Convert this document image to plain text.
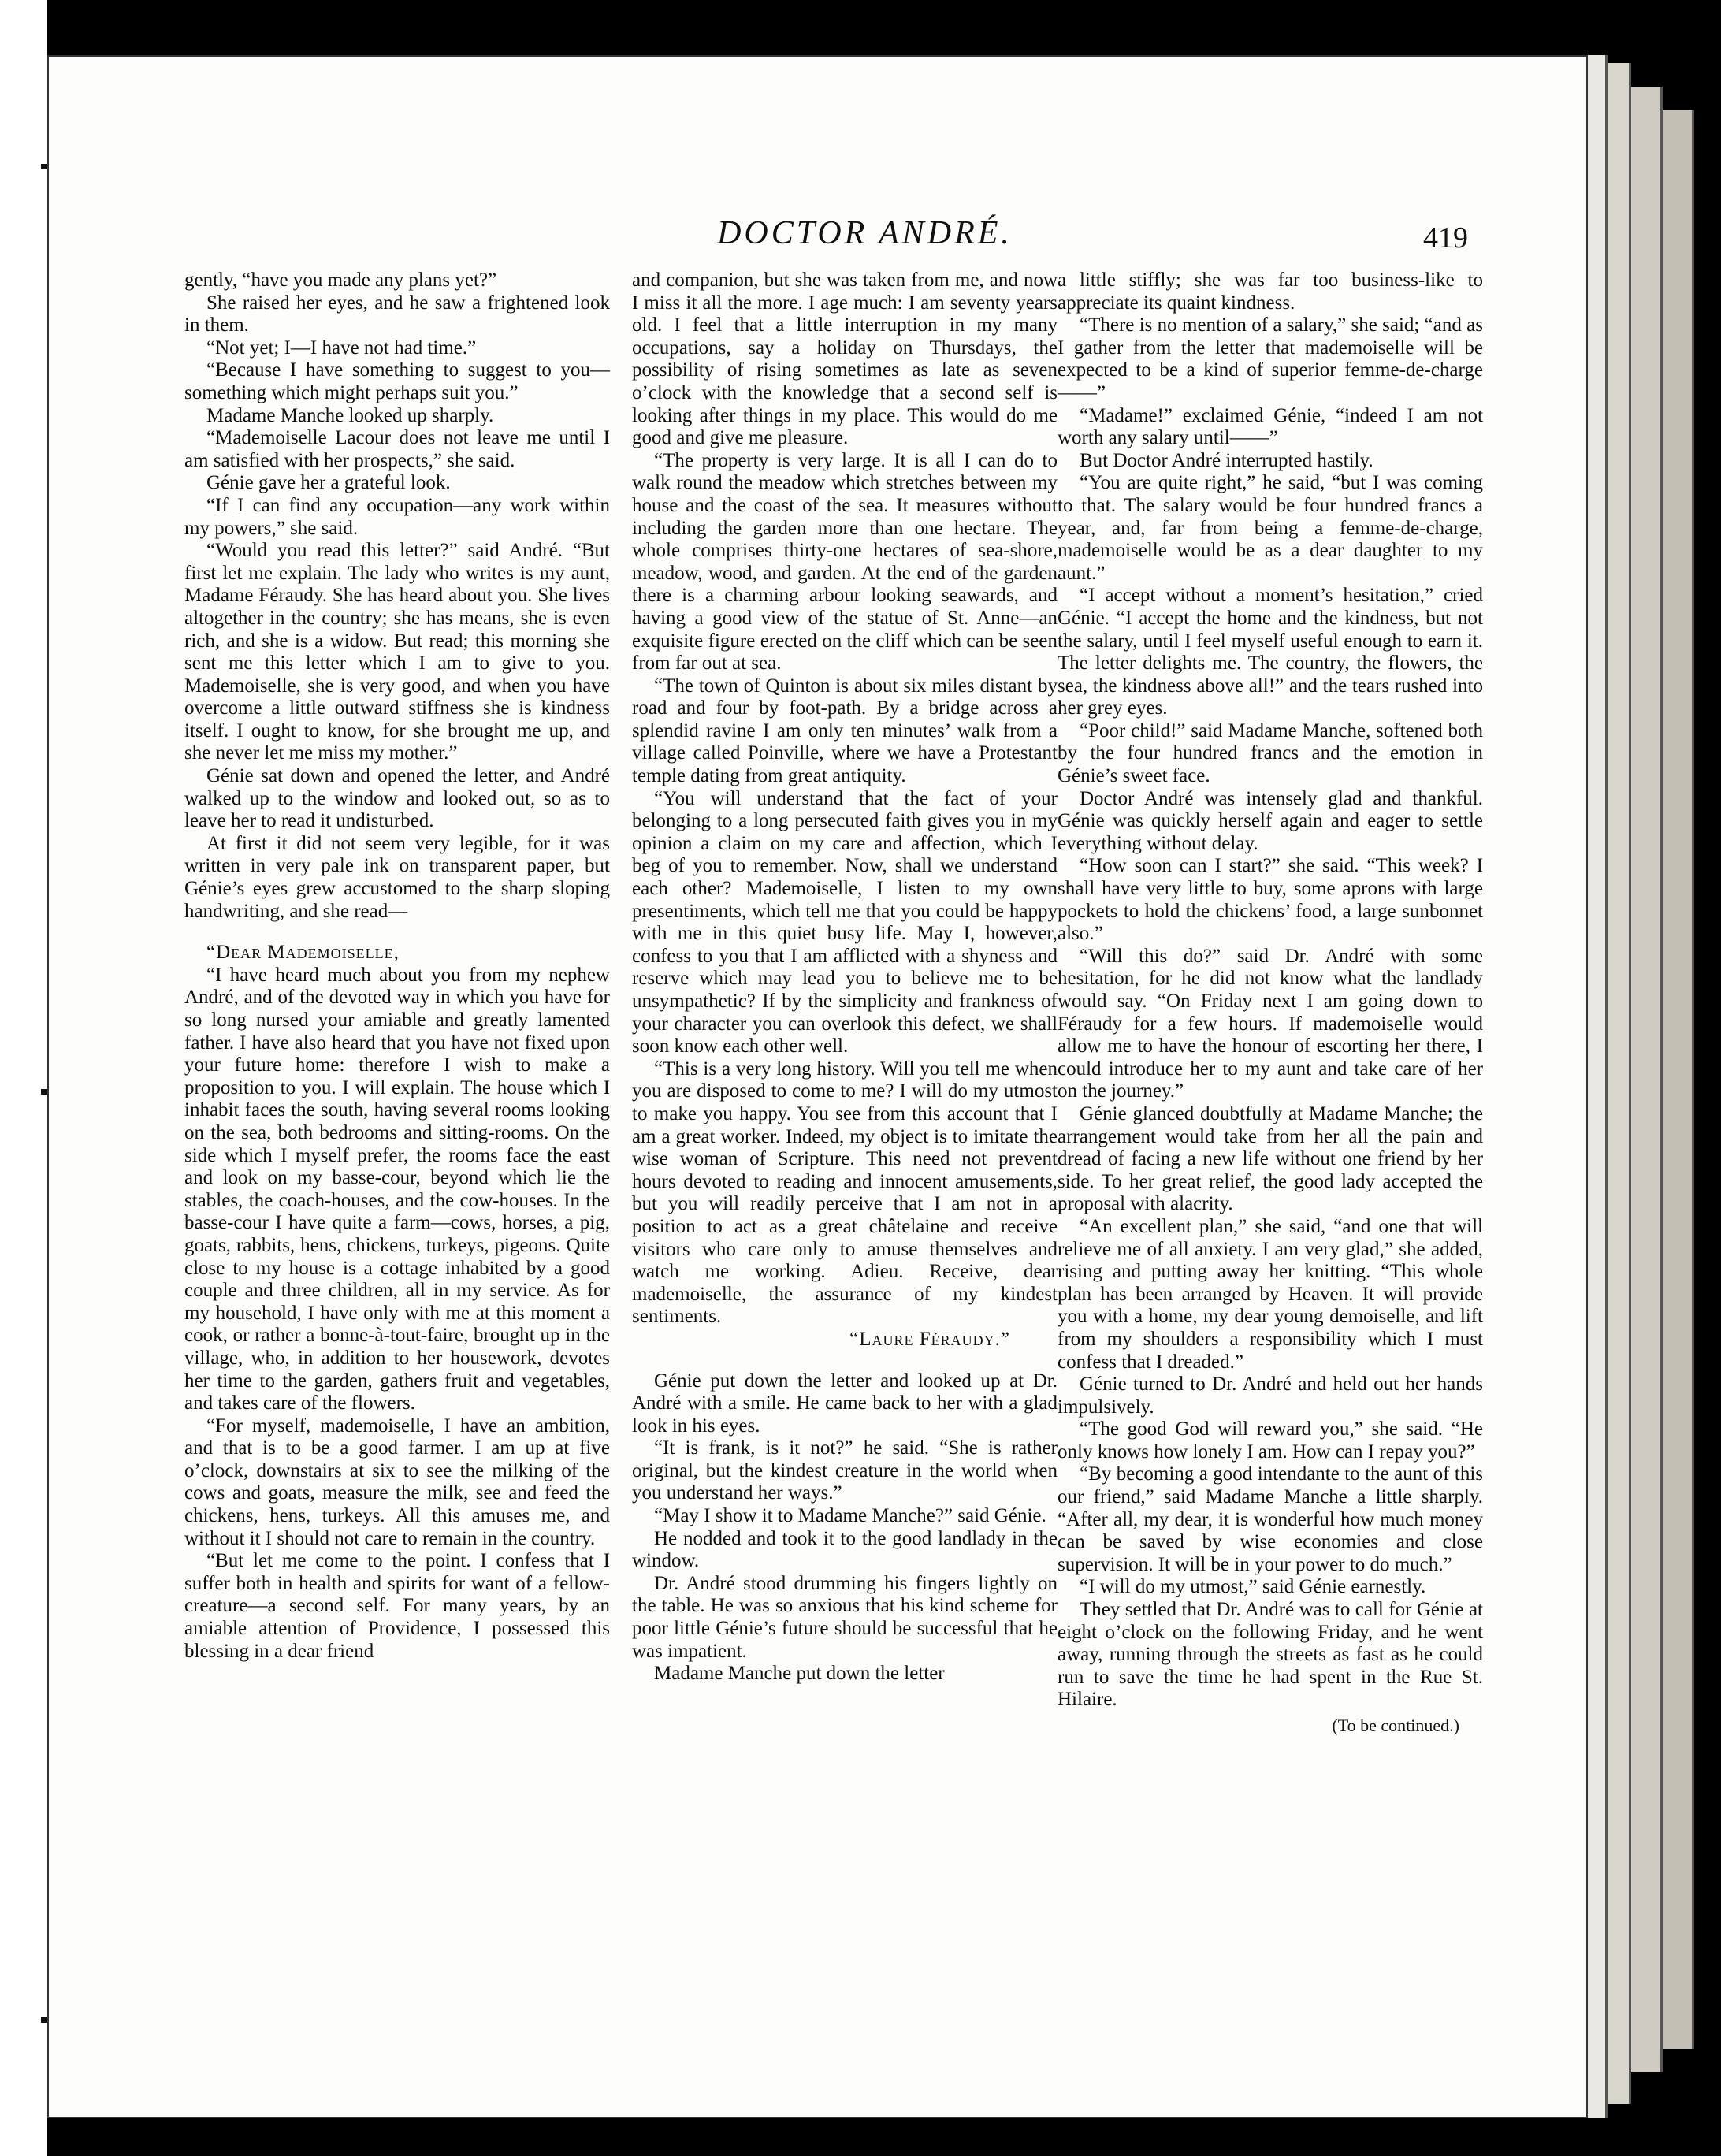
)
DOCTOR ANDRÉ.	419

gently, “have you made any plans yet?”

She raised her eyes, and he saw a frightened look in them.

“Not yet; I—I have not had time.”

“Because I have something to suggest to you—something which might perhaps suit you.”

Madame Manche looked up sharply.

“Mademoiselle Lacour does not leave me until I am satisfied with her prospects,” she said.

Génie gave her a grateful look.

“If I can find any occupation—any work within my powers,” she said.

“Would you read this letter?” said André. “But first let me explain. The lady who writes is my aunt, Madame Féraudy. She has heard about you. She lives altogether in the country; she has means, she is even rich, and she is a widow. But read; this morning she sent me this letter which I am to give to you. Mademoiselle, she is very good, and when you have overcome a little outward stiffness she is kindness itself. I ought to know, for she brought me up, and she never let me miss my mother.”

Génie sat down and opened the letter, and André walked up to the window and looked out, so as to leave her to read it undisturbed.

At first it did not seem very legible, for it was written in very pale ink on transparent paper, but Génie’s eyes grew accustomed to the sharp sloping handwriting, and she read—

“Dear Mademoiselle,

“I have heard much about you from my nephew André, and of the devoted way in which you have for so long nursed your amiable and greatly lamented father. I have also heard that you have not fixed upon your future home: therefore I wish to make a proposition to you. I will explain. The house which I inhabit faces the south, having several rooms looking on the sea, both bedrooms and sitting-rooms. On the side which I myself prefer, the rooms face the east and look on my basse-cour, beyond which lie the stables, the coach-houses, and the cow-houses. In the basse-cour I have quite a farm—cows, horses, a pig, goats, rabbits, hens, chickens, turkeys, pigeons. Quite close to my house is a cottage inhabited by a good couple and three children, all in my service. As for my household, I have only with me at this moment a cook, or rather a bonne-à-tout-faire, brought up in the village, who, in addition to her housework, devotes her time to the garden, gathers fruit and vegetables, and takes care of the flowers.

“For myself, mademoiselle, I have an ambition, and that is to be a good farmer. I am up at five o’clock, downstairs at six to see the milking of the cows and goats, measure the milk, see and feed the chickens, hens, turkeys. All this amuses me, and without it I should not care to remain in the country.

“But let me come to the point. I confess that I suffer both in health and spirits for want of a fellow-creature—a second self. For many years, by an amiable attention of Providence, I possessed this blessing in a dear friend

and companion, but she was taken from me, and now I miss it all the more. I age much: I am seventy years old. I feel that a little interruption in my many occupations, say a holiday on Thursdays, the possibility of rising sometimes as late as seven o’clock with the knowledge that a second self is looking after things in my place. This would do me good and give me pleasure.

“The property is very large. It is all I can do to walk round the meadow which stretches between my house and the coast of the sea. It measures without including the garden more than one hectare. The whole comprises thirty-one hectares of sea-shore, meadow, wood, and garden. At the end of the garden there is a charming arbour looking seawards, and having a good view of the statue of St. Anne—an exquisite figure erected on the cliff which can be seen from far out at sea.

“The town of Quinton is about six miles distant by road and four by foot-path. By a bridge across a splendid ravine I am only ten minutes’ walk from a village called Poinville, where we have a Protestant temple dating from great antiquity.

“You will understand that the fact of your belonging to a long persecuted faith gives you in my opinion a claim on my care and affection, which I beg of you to remember. Now, shall we understand each other? Mademoiselle, I listen to my own presentiments, which tell me that you could be happy with me in this quiet busy life. May I, however, confess to you that I am afflicted with a shyness and reserve which may lead you to believe me to be unsympathetic? If by the simplicity and frankness of your character you can overlook this defect, we shall soon know each other well.

“This is a very long history. Will you tell me when you are disposed to come to me? I will do my utmost to make you happy. You see from this account that I am a great worker. Indeed, my object is to imitate the wise woman of Scripture. This need not prevent hours devoted to reading and innocent amusements, but you will readily perceive that I am not in a position to act as a great châtelaine and receive visitors who care only to amuse themselves and watch me working. Adieu. Receive, dear mademoiselle, the assurance of my kindest sentiments.

“Laure Féraudy.”

Génie put down the letter and looked up at Dr. André with a smile. He came back to her with a glad look in his eyes.

“It is frank, is it not?” he said. “She is rather original, but the kindest creature in the world when you understand her ways.”

“May I show it to Madame Manche?” said Génie.

He nodded and took it to the good landlady in the window.

Dr. André stood drumming his fingers lightly on the table. He was so anxious that his kind scheme for poor little Génie’s future should be successful that he was impatient.

Madame Manche put down the letter

a little stiffly; she was far too business-like to appreciate its quaint kindness.

“There is no mention of a salary,” she said; “and as I gather from the letter that mademoiselle will be expected to be a kind of superior femme-de-charge——”

“Madame!” exclaimed Génie, “indeed I am not worth any salary until——”

But Doctor André interrupted hastily.

“You are quite right,” he said, “but I was coming to that. The salary would be four hundred francs a year, and, far from being a femme-de-charge, mademoiselle would be as a dear daughter to my aunt.”

“I accept without a moment’s hesitation,” cried Génie. “I accept the home and the kindness, but not the salary, until I feel myself useful enough to earn it. The letter delights me. The country, the flowers, the sea, the kindness above all!” and the tears rushed into her grey eyes.

“Poor child!” said Madame Manche, softened both by the four hundred francs and the emotion in Génie’s sweet face.

Doctor André was intensely glad and thankful. Génie was quickly herself again and eager to settle everything without delay.

“How soon can I start?” she said. “This week? I shall have very little to buy, some aprons with large pockets to hold the chickens’ food, a large sunbonnet also.”

“Will this do?” said Dr. André with some hesitation, for he did not know what the landlady would say. “On Friday next I am going down to Féraudy for a few hours. If mademoiselle would allow me to have the honour of escorting her there, I could introduce her to my aunt and take care of her on the journey.”

Génie glanced doubtfully at Madame Manche; the arrangement would take from her all the pain and dread of facing a new life without one friend by her side. To her great relief, the good lady accepted the proposal with alacrity.

“An excellent plan,” she said, “and one that will relieve me of all anxiety. I am very glad,” she added, rising and putting away her knitting. “This whole plan has been arranged by Heaven. It will provide you with a home, my dear young demoiselle, and lift from my shoulders a responsibility which I must confess that I dreaded.”

Génie turned to Dr. André and held out her hands impulsively.

“The good God will reward you,” she said. “He only knows how lonely I am. How can I repay you?”

“By becoming a good intendante to the aunt of this our friend,” said Madame Manche a little sharply. “After all, my dear, it is wonderful how much money can be saved by wise economies and close supervision. It will be in your power to do much.”

“I will do my utmost,” said Génie earnestly.

They settled that Dr. André was to call for Génie at eight o’clock on the following Friday, and he went away, running through the streets as fast as he could run to save the time he had spent in the Rue St. Hilaire.

(To be continued.)
